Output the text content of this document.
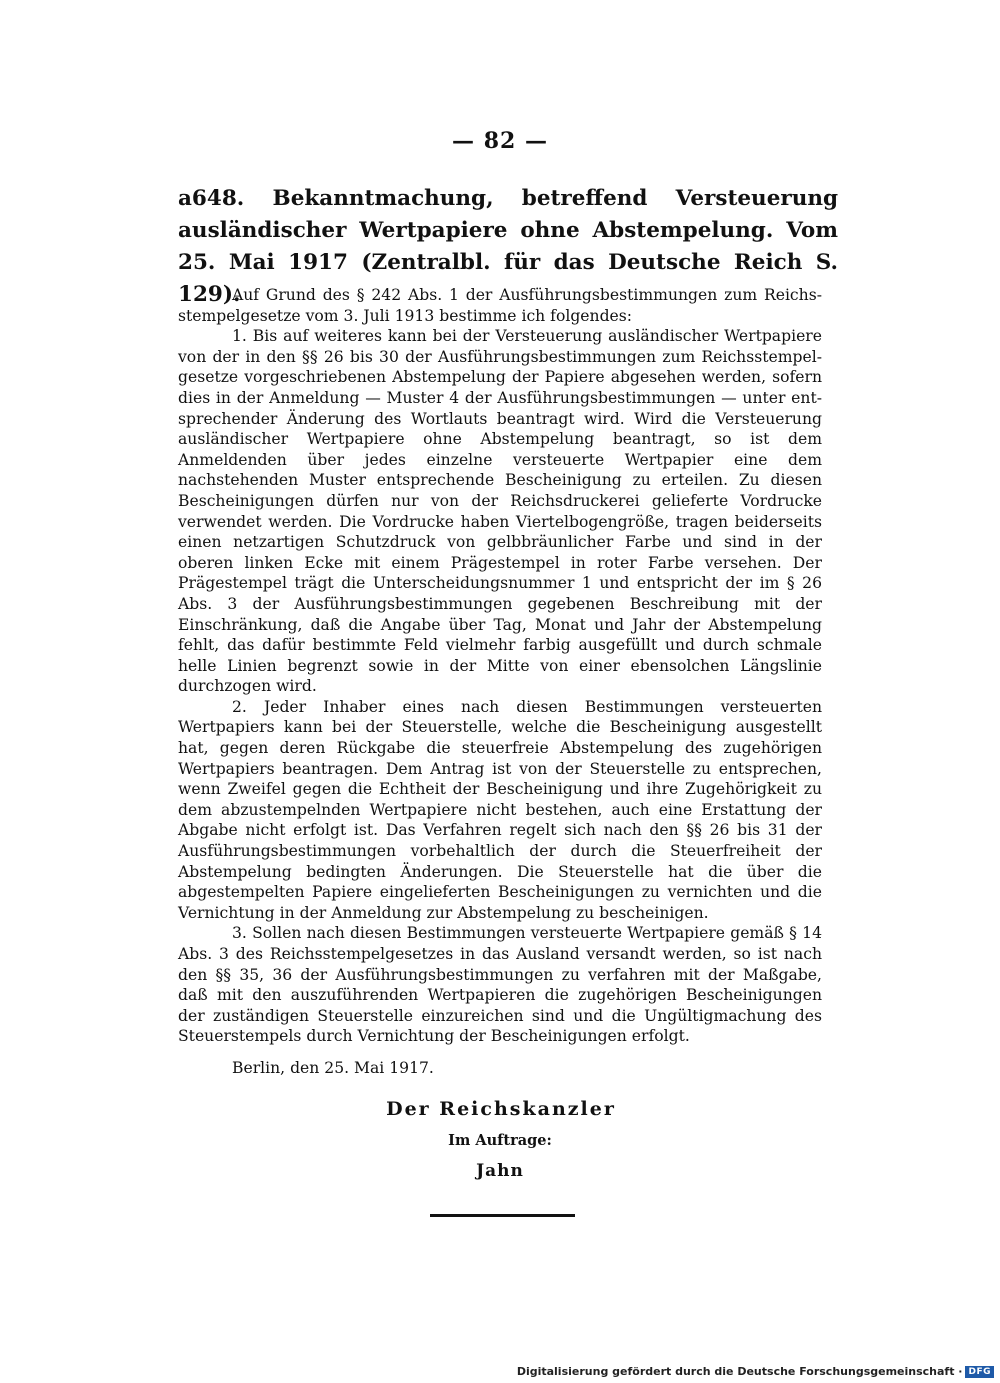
— 82 —
a648. Bekanntmachung, betreffend Versteuerung ausländischer Wertpapiere ohne Abstempelung. Vom 25. Mai 1917 (Zentralbl. für das Deutsche Reich S. 129).

Auf Grund des § 242 Abs. 1 der Ausführungsbestimmungen zum Reichsstempelgesetze vom 3. Juli 1913 bestimme ich folgendes:

1. Bis auf weiteres kann bei der Versteuerung ausländischer Wertpapiere von der in den §§ 26 bis 30 der Ausführungsbestimmungen zum Reichsstempelgesetze vorgeschriebenen Abstempelung der Papiere abgesehen werden, sofern dies in der Anmeldung — Muster 4 der Ausführungsbestimmungen — unter entsprechender Änderung des Wortlauts beantragt wird. Wird die Versteuerung ausländischer Wertpapiere ohne Abstempelung beantragt, so ist dem Anmeldenden über jedes einzelne versteuerte Wertpapier eine dem nachstehenden Muster entsprechende Bescheinigung zu erteilen. Zu diesen Bescheinigungen dürfen nur von der Reichsdruckerei gelieferte Vordrucke verwendet werden. Die Vordrucke haben Viertelbogengröße, tragen beiderseits einen netzartigen Schutzdruck von gelbbräunlicher Farbe und sind in der oberen linken Ecke mit einem Prägestempel in roter Farbe versehen. Der Prägestempel trägt die Unterscheidungsnummer 1 und entspricht der im § 26 Abs. 3 der Ausführungsbestimmungen gegebenen Beschreibung mit der Einschränkung, daß die Angabe über Tag, Monat und Jahr der Abstempelung fehlt, das dafür bestimmte Feld vielmehr farbig ausgefüllt und durch schmale helle Linien begrenzt sowie in der Mitte von einer ebensolchen Längslinie durchzogen wird.

2. Jeder Inhaber eines nach diesen Bestimmungen versteuerten Wertpapiers kann bei der Steuerstelle, welche die Bescheinigung ausgestellt hat, gegen deren Rückgabe die steuerfreie Abstempelung des zugehörigen Wertpapiers beantragen. Dem Antrag ist von der Steuerstelle zu entsprechen, wenn Zweifel gegen die Echtheit der Bescheinigung und ihre Zugehörigkeit zu dem abzustempelnden Wertpapiere nicht bestehen, auch eine Erstattung der Abgabe nicht erfolgt ist. Das Verfahren regelt sich nach den §§ 26 bis 31 der Ausführungsbestimmungen vorbehaltlich der durch die Steuerfreiheit der Abstempelung bedingten Änderungen. Die Steuerstelle hat die über die abgestempelten Papiere eingelieferten Bescheinigungen zu vernichten und die Vernichtung in der Anmeldung zur Abstempelung zu bescheinigen.

3. Sollen nach diesen Bestimmungen versteuerte Wertpapiere gemäß § 14 Abs. 3 des Reichsstempelgesetzes in das Ausland versandt werden, so ist nach den §§ 35, 36 der Ausführungsbestimmungen zu verfahren mit der Maßgabe, daß mit den auszuführenden Wertpapieren die zugehörigen Bescheinigungen der zuständigen Steuerstelle einzureichen sind und die Ungültigmachung des Steuerstempels durch Vernichtung der Bescheinigungen erfolgt.

Berlin, den 25. Mai 1917.
Der Reichskanzler
Im Auftrage:
Jahn
Digitalisierung gefördert durch die Deutsche Forschungsgemeinschaft · DFG
